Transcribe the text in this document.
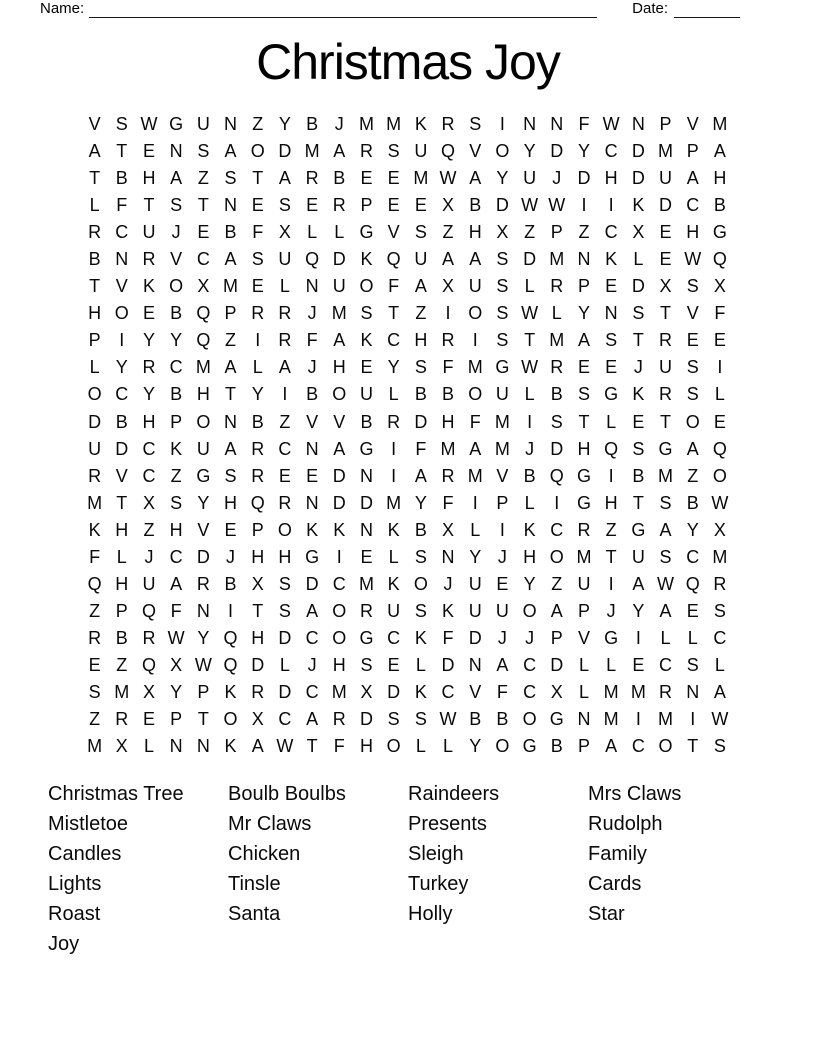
Name:	Date:
Christmas Joy
V S W G U N Z Y B J M M K R S	I	N N F W N P V M
A T E N S A O D M A R S U Q V O Y D Y C D M P A
T B H A Z S T A R B E E M W A Y U J D H D U A H
L F T S T N E S E R P E E X B D W W I	I	K D C B
R C U J E B F X L L G V S Z H X Z P Z C X E H G
B N R V C A S U Q D K Q U A A S D M N K L E W Q
T V K O X M E L N U O F A X U S L R P E D X S X
H O E B Q P R R J M S T Z	I O S W L Y N S T V F
P	I	Y Y Q Z	I	R F A K C H R	I	S T M A S T R E E
L Y R C M A L A J H E Y S F M G W R E E J U S	I
O C Y B H T Y	I	B O U L B B O U L B S G K R S L
D B H P O N B Z V V B R D H F M I	S T L E T O E
U D C K U A R C N A G I	F M A M J D H Q S G A Q
R V C Z G S R E E D N	I	A R M V B Q G I	B M Z O
M T X S Y H Q R N D D M Y F	I	P L	I G H T S B W
K H Z H V E P O K K N K B X L	I	K C R Z G A Y X
F L J C D J H H G I	E L S N Y J H O M T U S C M
Q H U A R B X S D C M K O J U E Y Z U	I	A W Q R
Z P Q F N	I	T S A O R U S K U U O A P J Y A E S
R B R W Y Q H D C O G C K F D J	J P V G I	L L C
E Z Q X W Q D L J H S E L D N A C D L L E C S L
S M X Y P K R D C M X D K C V F C X L M M R N A
Z R E P T O X C A R D S S W B B O G N M I M I W
M X L N N K A W T F H O L L Y O G B P A C O T S
Christmas Tree
Mistletoe
Candles
Lights
Roast
Joy
Boulb Boulbs
Mr Claws
Chicken
Tinsle
Santa
Raindeers
Presents
Sleigh
Turkey
Holly
Mrs Claws
Rudolph
Family
Cards
Star
